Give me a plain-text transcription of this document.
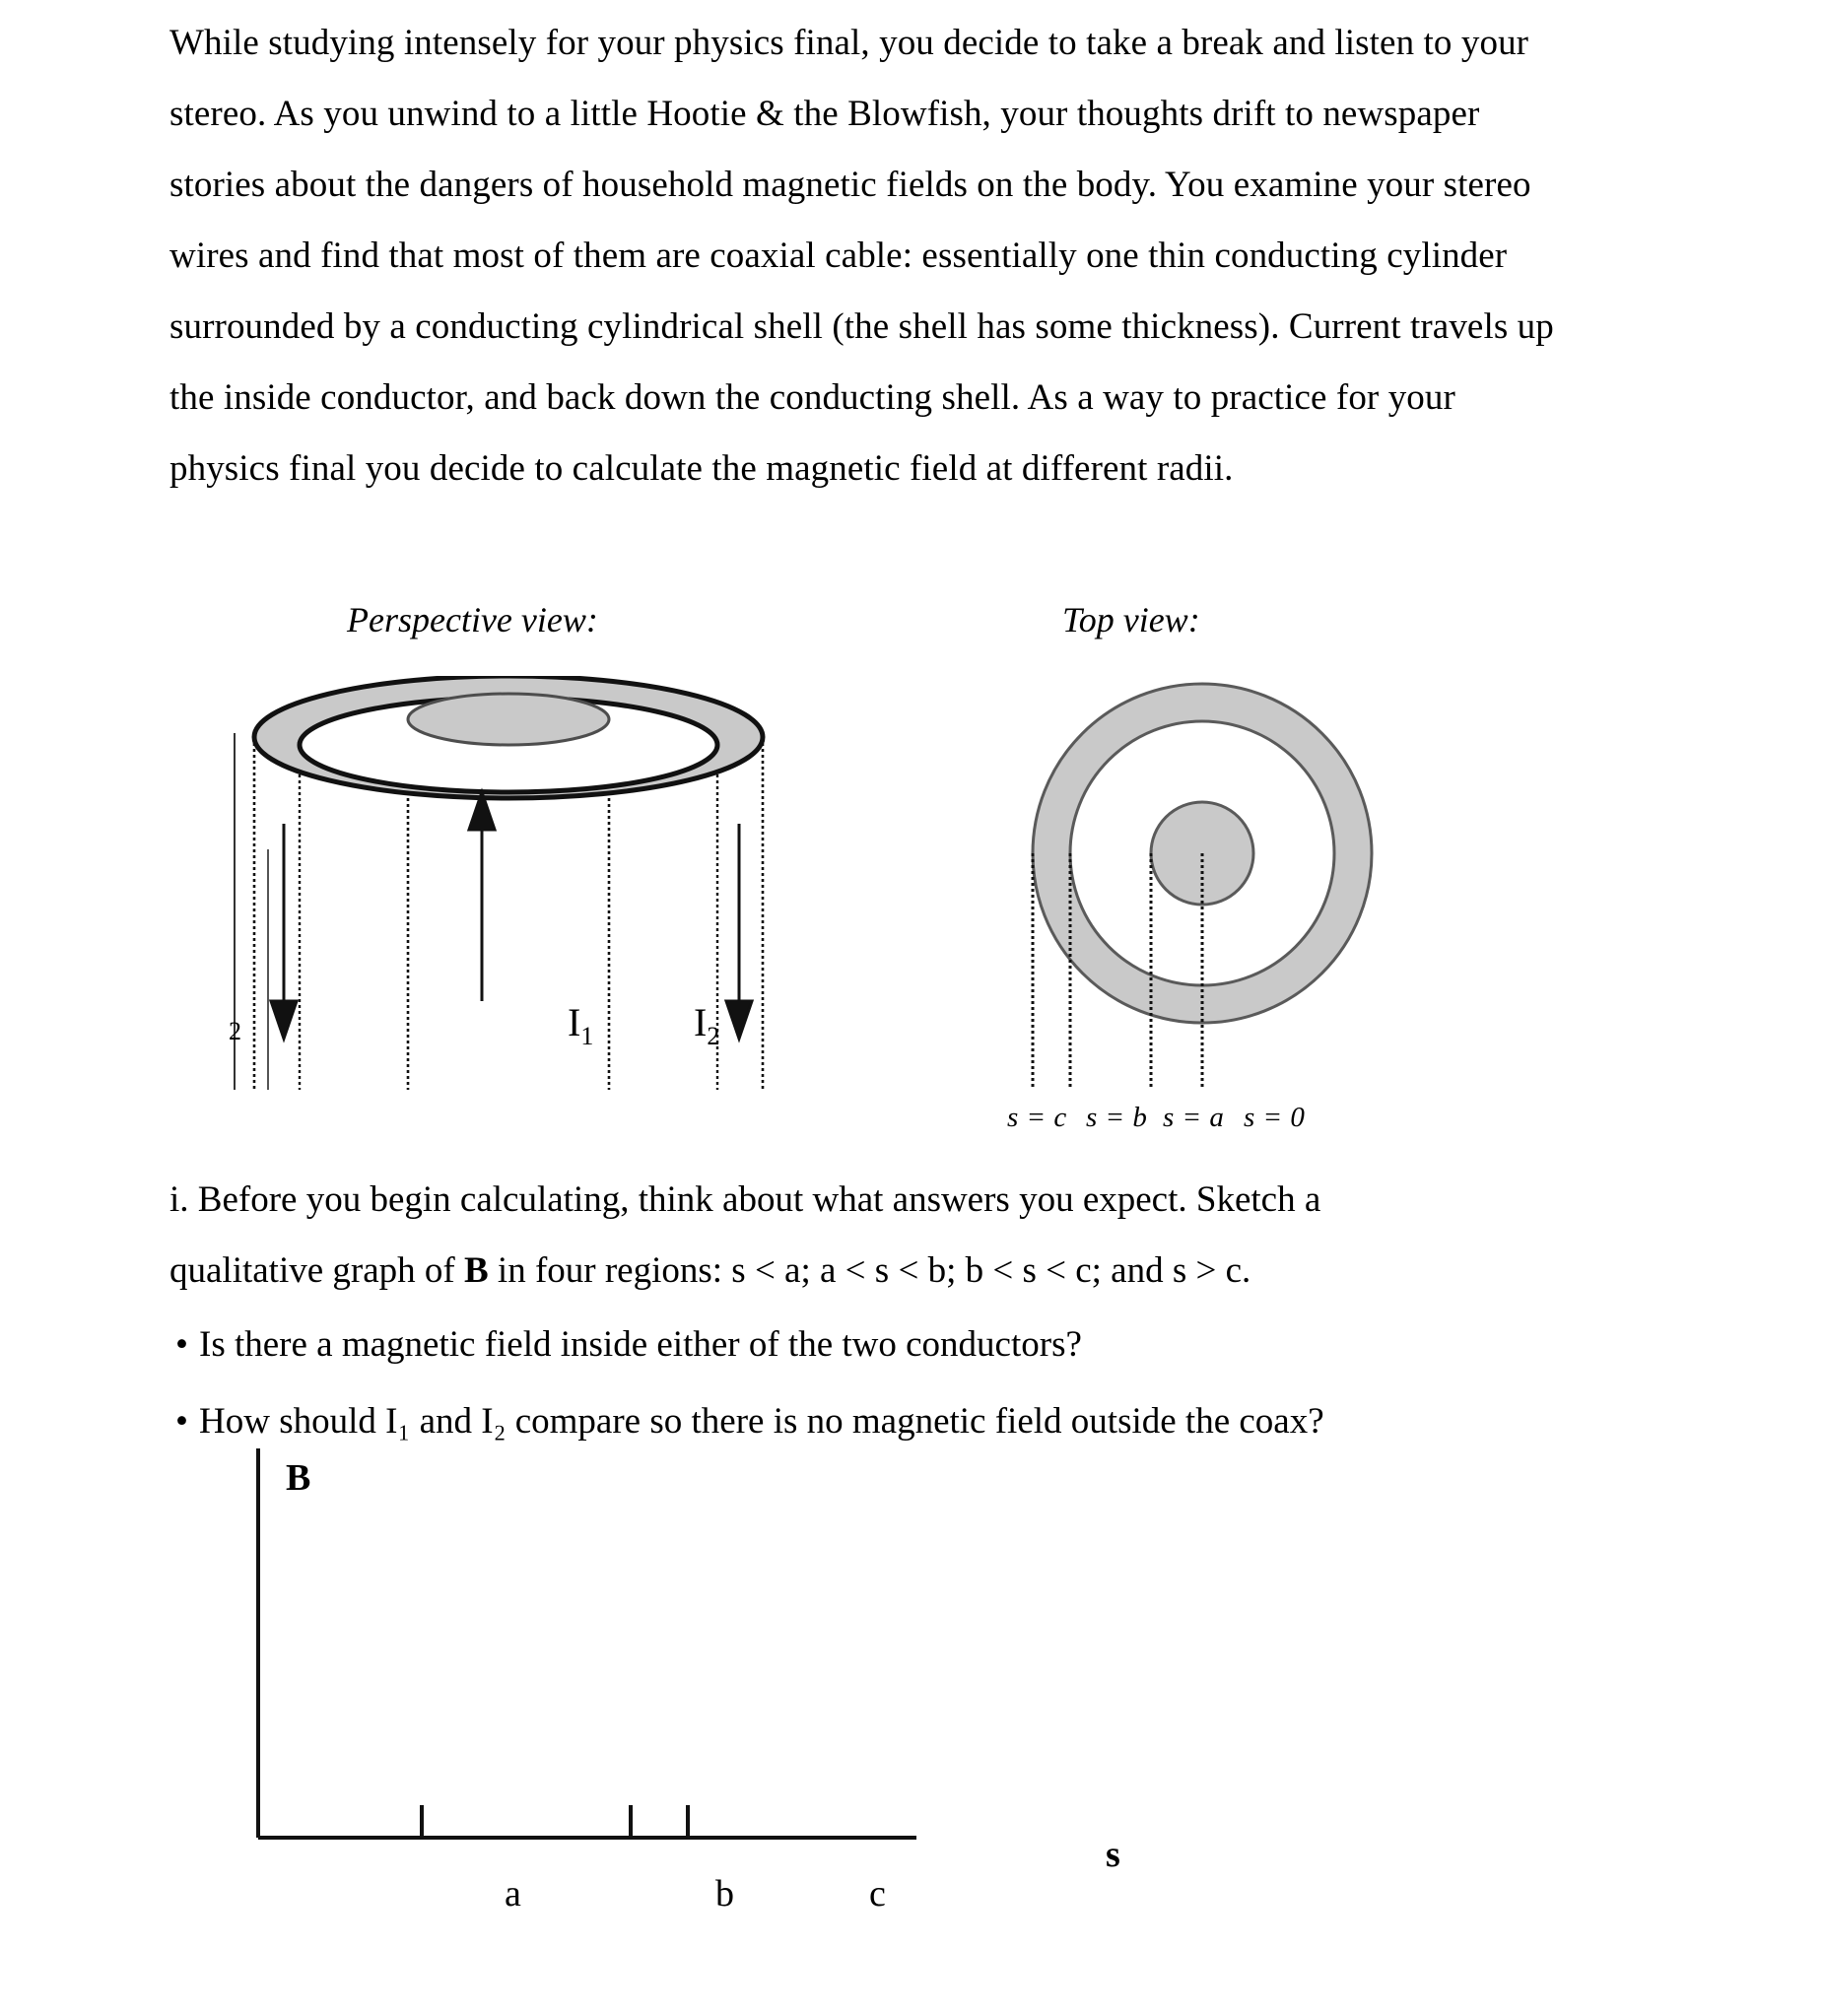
While studying intensely for your physics final, you decide to take a break and listen to your stereo. As you unwind to a little Hootie & the Blowfish, your thoughts drift to newspaper stories about the dangers of household magnetic fields on the body. You examine your stereo wires and find that most of them are coaxial cable: essentially one thin conducting cylinder surrounded by a conducting cylindrical shell (the shell has some thickness). Current travels up the inside conductor, and back down the conducting shell. As a way to practice for your physics final you decide to calculate the magnetic field at different radii.
Perspective view:	Top view:
2	$I_1$	$I_2$
s = c s = b s = a s = 0
i. Before you begin calculating, think about what answers you expect. Sketch a
qualitative graph of B in four regions: s < a; a < s < b; b < s < c; and s > c.
• Is there a magnetic field inside either of the two conductors?
• How should I₁ and I₂ compare so there is no magnetic field outside the coax?
B
s
a	b	c
